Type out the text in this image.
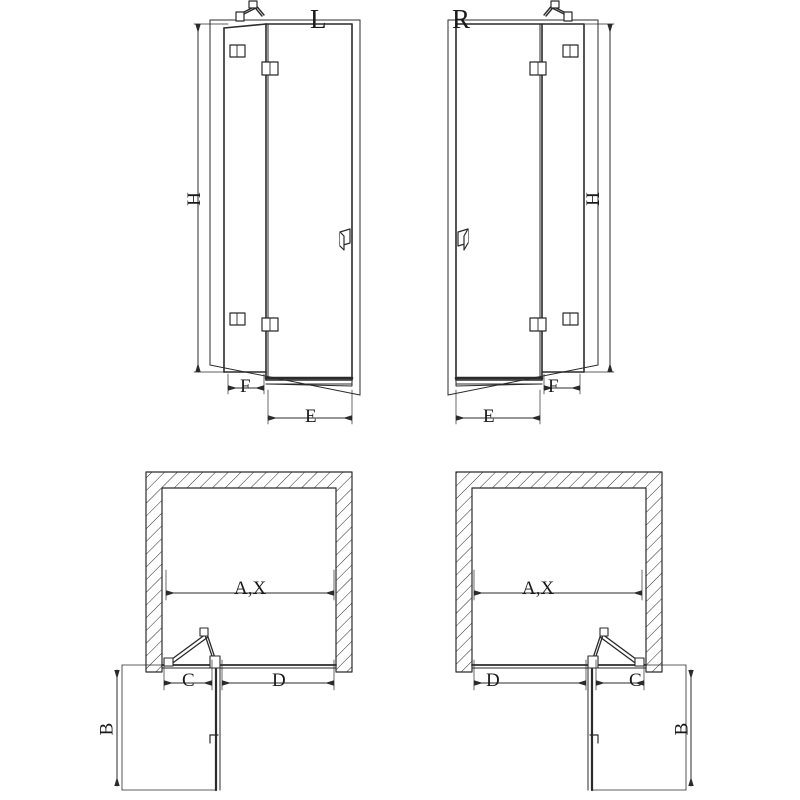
L	R
H	H
F
E	E
F
A,X	A,X
C	D	D	C
B	B
